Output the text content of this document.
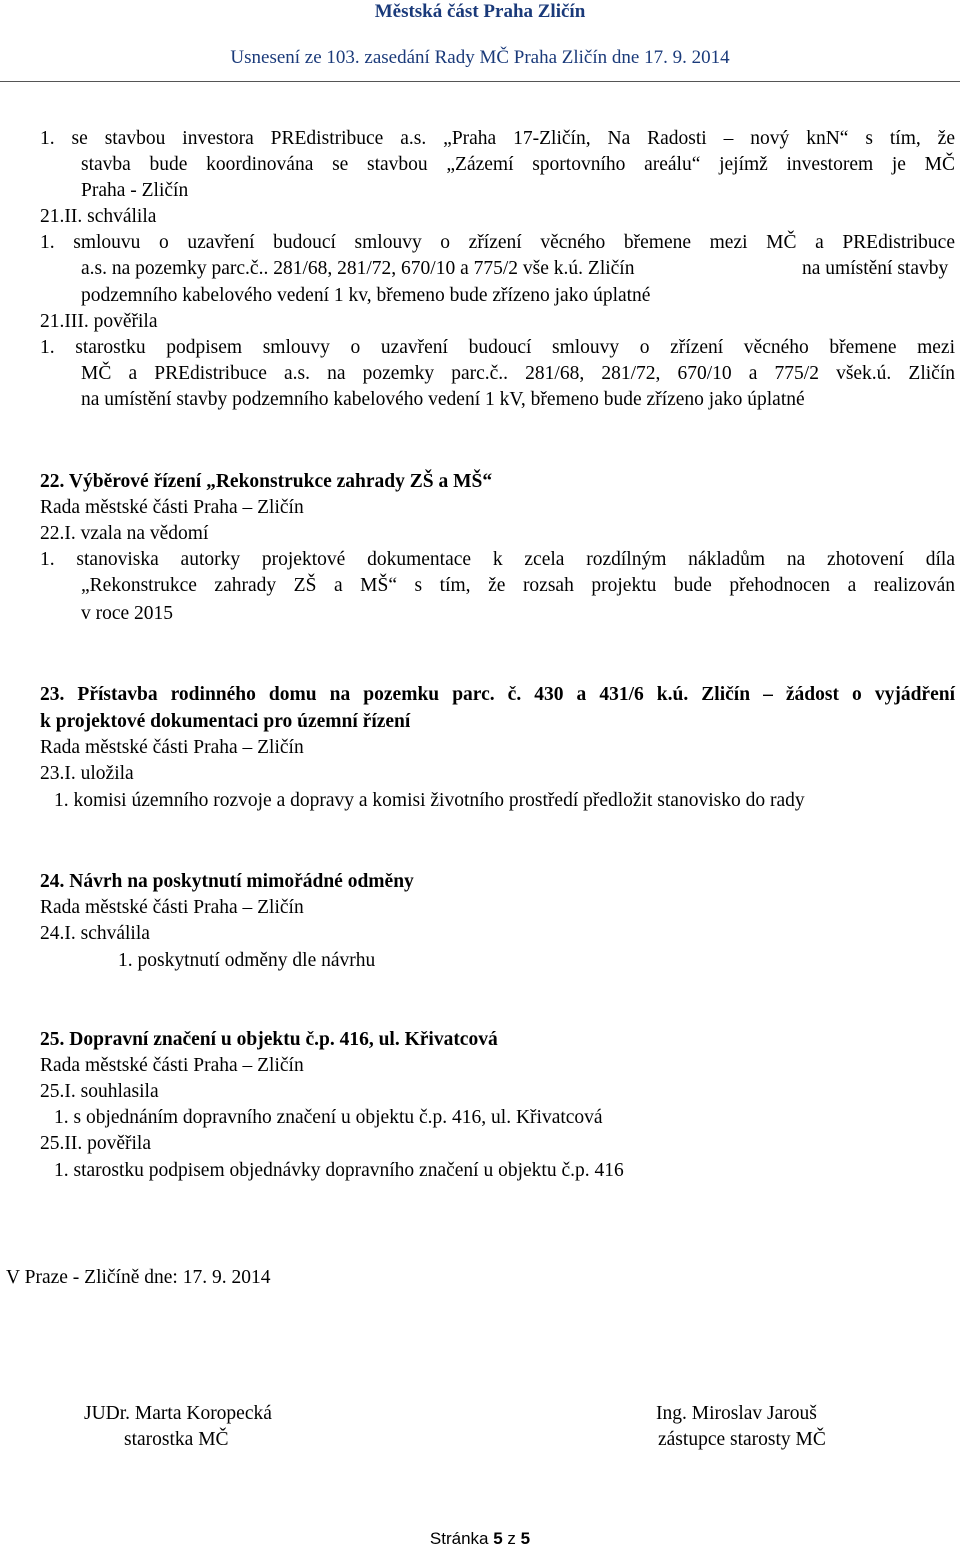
Městská část Praha Zličín
Usnesení ze 103. zasedání Rady MČ Praha Zličín dne 17. 9. 2014
1. se stavbou investora PREdistribuce a.s. „Praha 17-Zličín, Na Radosti – nový knN“ s tím, že
stavba bude koordinována se stavbou „Zázemí sportovního areálu“ jejímž investorem je MČ
Praha - Zličín
21.II. schválila
1. smlouvu o uzavření budoucí smlouvy o zřízení věcného břemene mezi MČ a PREdistribuce
a.s. na pozemky parc.č.. 281/68, 281/72, 670/10 a 775/2 vše k.ú. Zličín	na umístění stavby
podzemního kabelového vedení 1 kv, břemeno bude zřízeno jako úplatné
21.III. pověřila
1. starostku podpisem smlouvy o uzavření budoucí smlouvy o zřízení věcného břemene mezi
MČ a PREdistribuce a.s. na pozemky parc.č.. 281/68, 281/72, 670/10 a 775/2 všek.ú. Zličín
na umístění stavby podzemního kabelového vedení 1 kV, břemeno bude zřízeno jako úplatné
22. Výběrové řízení „Rekonstrukce zahrady ZŠ a MŠ“
Rada městské části Praha – Zličín
22.I. vzala na vědomí
1. stanoviska autorky projektové dokumentace k zcela rozdílným nákladům na zhotovení díla
„Rekonstrukce zahrady ZŠ a MŠ“ s tím, že rozsah projektu bude přehodnocen a realizován
v roce 2015
23. Přístavba rodinného domu na pozemku parc. č. 430 a 431/6 k.ú. Zličín – žádost o vyjádření
k projektové dokumentaci pro územní řízení
Rada městské části Praha – Zličín
23.I. uložila
1. komisi územního rozvoje a dopravy a komisi životního prostředí předložit stanovisko do rady
24. Návrh na poskytnutí mimořádné odměny
Rada městské části Praha – Zličín
24.I. schválila
1. poskytnutí odměny dle návrhu
25. Dopravní značení u objektu č.p. 416, ul. Křivatcová
Rada městské části Praha – Zličín
25.I. souhlasila
1. s objednáním dopravního značení u objektu č.p. 416, ul. Křivatcová
25.II. pověřila
1. starostku podpisem objednávky dopravního značení u objektu č.p. 416
V Praze - Zličíně dne: 17. 9. 2014
JUDr. Marta Koropecká
starostka MČ
Ing. Miroslav Jarouš
zástupce starosty MČ
Stránka 5 z 5
